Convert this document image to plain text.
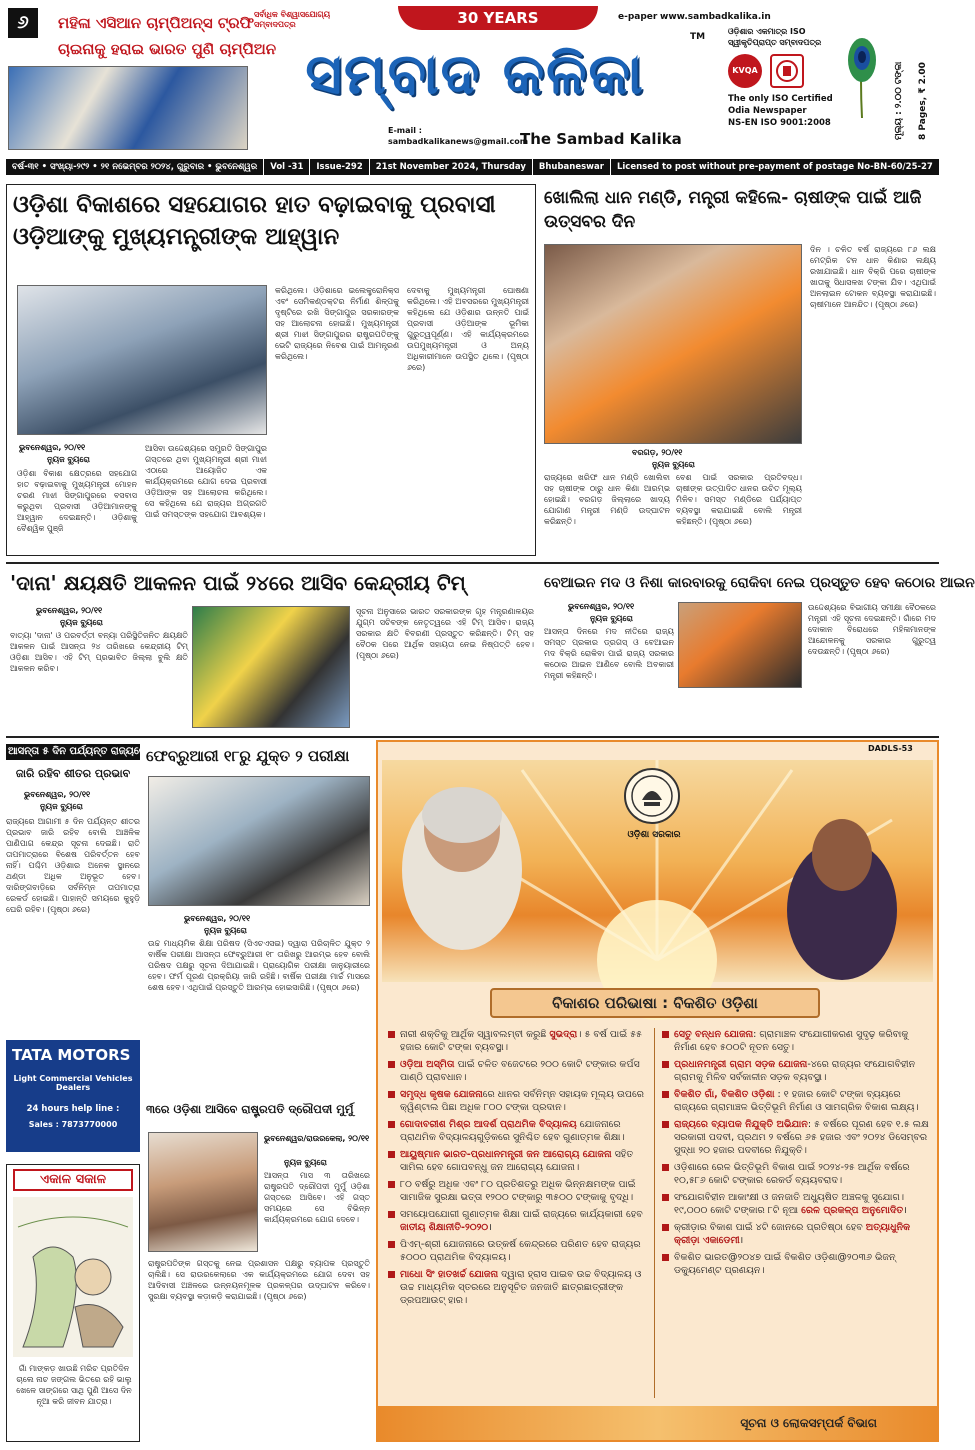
୬	ମହିଳା ଏସିଆନ ଚାମ୍ପିଅନ୍ସ ଟ୍ରଫି
ଚାଇନାକୁ ହରାଇ ଭାରତ ପୁଣି ଚାମ୍ପିଅନ
ସର୍ବାଧିକ ବିଶ୍ୱାସଯୋଗ୍ୟ ସମ୍ବାଦପତ୍ର	30 YEARS
ସମ୍ବାଦ କଳିକା
E-mail :
sambadkalikanews@gmail.com
The Sambad Kalika
TM
e-paper www.sambadkalika.in
ଓଡ଼ିଶାର ଏକମାତ୍ର ISO ସ୍ୱୀକୃତିପ୍ରାପ୍ତ ସମ୍ବାଦପତ୍ର
KVQA
The only ISO Certified
Odia Newspaper
NS-EN ISO 9001:2008	ମୂଲ୍ୟ : ୨.୦୦ ଟଙ୍କା 8 Pages, ₹ 2.00
ବର୍ଷ-୩୧ • ସଂଖ୍ୟା-୨୯୨ • ୨୧ ନଭେମ୍ବର ୨୦୨୪, ଗୁରୁବାର • ଭୁବନେଶ୍ୱର	Vol -31	Issue-292	21st November 2024, Thursday	Bhubaneswar	Licensed to post without pre-payment of postage No-BN-60/25-27
ଓଡ଼ିଶା ବିକାଶରେ ସହଯୋଗର ହାତ ବଢ଼ାଇବାକୁ ପ୍ରବାସୀ ଓଡ଼ିଆଙ୍କୁ ମୁଖ୍ୟମନ୍ତ୍ରୀଙ୍କ ଆହ୍ୱାନ
ଭୁବନେଶ୍ୱର, ୨୦/୧୧
ନ୍ୟୁଜ ବ୍ୟୁରୋ
ଓଡ଼ିଶା ବିକାଶ କ୍ଷେତ୍ରରେ ସହଯୋଗ ହାତ ବଢ଼ାଇବାକୁ ମୁଖ୍ୟମନ୍ତ୍ରୀ ମୋହନ ଚରଣ ମାଝୀ ସିଙ୍ଗାପୁରରେ ବସବାସ କରୁଥିବା ପ୍ରବାସୀ ଓଡ଼ିଆମାନଙ୍କୁ ଆହ୍ୱାନ ଦେଇଛନ୍ତି। ଓଡ଼ିଶାକୁ ବୈଶ୍ୱିକ ପୁଞ୍ଜି
ଆସିବା ଉଦ୍ଦେଶ୍ୟରେ ସମ୍ପ୍ରତି ସିଙ୍ଗାପୁର ଗସ୍ତରେ ଥିବା ମୁଖ୍ୟମନ୍ତ୍ରୀ ଶ୍ରୀ ମାଝୀ ଏଠାରେ ଆୟୋଜିତ ଏକ କାର୍ଯ୍ୟକ୍ରମରେ ଯୋଗ ଦେଇ ପ୍ରବାସୀ ଓଡ଼ିଆଙ୍କ ସହ ଆଲୋଚନା କରିଥିଲେ। ସେ କହିଥିଲେ ଯେ ରାଜ୍ୟର ଅଗ୍ରଗତି ପାଇଁ ସମସ୍ତଙ୍କ ସହଯୋଗ ଆବଶ୍ୟକ।
କରିଥିଲେ। ଓଡ଼ିଶାରେ ଇଲେକ୍ଟ୍ରୋନିକ୍ସ ଏବଂ ସେମିକଣ୍ଡକ୍ଟର ନିର୍ମାଣ ଶିଳ୍ପକୁ ଦୃଷ୍ଟିରେ ରଖି ସିଙ୍ଗାପୁର ସରକାରଙ୍କ ସହ ଆଲୋଚନା ହୋଇଛି। ମୁଖ୍ୟମନ୍ତ୍ରୀ ଶ୍ରୀ ମାଝୀ ସିଙ୍ଗାପୁରର ରାଷ୍ଟ୍ରପତିଙ୍କୁ ଭେଟି ରାଜ୍ୟରେ ନିବେଶ ପାଇଁ ଆମନ୍ତ୍ରଣ କରିଥିଲେ।
ଦେବାକୁ ମୁଖ୍ୟମନ୍ତ୍ରୀ ଘୋଷଣା କରିଥିଲେ। ଏହି ଅବସରରେ ମୁଖ୍ୟମନ୍ତ୍ରୀ କହିଥିଲେ ଯେ ଓଡ଼ିଶାର ଉନ୍ନତି ପାଇଁ ପ୍ରବାସୀ ଓଡ଼ିଆଙ୍କ ଭୂମିକା ଗୁରୁତ୍ୱପୂର୍ଣ୍ଣ। ଏହି କାର୍ଯ୍ୟକ୍ରମରେ ଉପମୁଖ୍ୟମନ୍ତ୍ରୀ ଓ ଅନ୍ୟ ଅଧିକାରୀମାନେ ଉପସ୍ଥିତ ଥିଲେ। (ପୃଷ୍ଠା ୬ରେ)
ଖୋଲିଲା ଧାନ ମଣ୍ଡି, ମନ୍ତ୍ରୀ କହିଲେ- ଚାଷୀଙ୍କ ପାଇଁ ଆଜି ଉତ୍ସବର ଦିନ
ବରଗଡ଼, ୨୦/୧୧
ନ୍ୟୁଜ ବ୍ୟୁରୋ
ରାଜ୍ୟରେ ଖରିଫ ଧାନ ମଣ୍ଡି ଖୋଲିବା ସହ ଚାଷୀଙ୍କ ଠାରୁ ଧାନ କିଣା ଆରମ୍ଭ ହୋଇଛି। ବରଗଡ଼ ଜିଲ୍ଲାରେ ଖାଦ୍ୟ ଯୋଗାଣ ମନ୍ତ୍ରୀ ମଣ୍ଡି ଉଦ୍‌ଘାଟନ କରିଛନ୍ତି।
ବେଶ ପାଇଁ ସରକାର ପ୍ରତିବଦ୍ଧ। ଚାଷୀଙ୍କ ଉତ୍ପାଦିତ ଧାନର ଉଚିତ ମୂଲ୍ୟ ମିଳିବ। ସମସ୍ତ ମଣ୍ଡିରେ ପର୍ଯ୍ୟାପ୍ତ ବ୍ୟବସ୍ଥା କରାଯାଇଛି ବୋଲି ମନ୍ତ୍ରୀ କହିଛନ୍ତି। (ପୃଷ୍ଠା ୬ରେ)
ଦିନ । ଚଳିତ ବର୍ଷ ରାଜ୍ୟରେ ୮୬ ଲକ୍ଷ ମେଟ୍ରିକ ଟନ ଧାନ କିଣାର ଲକ୍ଷ୍ୟ ରଖାଯାଇଛି। ଧାନ ବିକ୍ରି ପରେ ଚାଷୀଙ୍କ ଖାତାକୁ ସିଧାସଳଖ ଟଙ୍କା ଯିବ। ଏଥିପାଇଁ ଅନଲାଇନ ଟୋକନ ବ୍ୟବସ୍ଥା କରାଯାଇଛି। ଚାଷୀମାନେ ଆନନ୍ଦିତ। (ପୃଷ୍ଠା ୬ରେ)
'ଦାନା' କ୍ଷୟକ୍ଷତି ଆକଳନ ପାଇଁ ୨୪ରେ ଆସିବ କେନ୍ଦ୍ରୀୟ ଟିମ୍
ଭୁବନେଶ୍ୱର, ୨୦/୧୧
ନ୍ୟୁଜ ବ୍ୟୁରୋ
ବାତ୍ୟା 'ଦାନା' ଓ ପରବର୍ତ୍ତୀ ବନ୍ୟା ପରିସ୍ଥିତିଜନିତ କ୍ଷୟକ୍ଷତି ଆକଳନ ପାଇଁ ଆସନ୍ତା ୨୪ ତାରିଖରେ କେନ୍ଦ୍ରୀୟ ଟିମ୍ ଓଡ଼ିଶା ଆସିବ। ଏହି ଟିମ୍ ପ୍ରଭାବିତ ଜିଲ୍ଲା ବୁଲି କ୍ଷତି ଆକଳନ କରିବ।
ସୂଚନା ଅନୁସାରେ ଭାରତ ସରକାରଙ୍କ ଗୃହ ମନ୍ତ୍ରଣାଳୟର ଯୁଗ୍ମ ସଚିବଙ୍କ ନେତୃତ୍ୱରେ ଏହି ଟିମ୍ ଆସିବ। ରାଜ୍ୟ ସରକାର କ୍ଷତି ବିବରଣୀ ପ୍ରସ୍ତୁତ କରିଛନ୍ତି। ଟିମ୍ ସହ ବୈଠକ ପରେ ଆର୍ଥିକ ସହାୟତା ନେଇ ନିଷ୍ପତ୍ତି ହେବ। (ପୃଷ୍ଠା ୬ରେ)
ବେଆଇନ ମଦ ଓ ନିଶା କାରବାରକୁ ରୋକିବା ନେଇ ପ୍ରସ୍ତୁତ ହେବ କଠୋର ଆଇନ
ଭୁବନେଶ୍ୱର, ୨୦/୧୧
ନ୍ୟୁଜ ବ୍ୟୁରୋ
ଆସନ୍ତା ଦିନରେ ମଦ ନୀତିରେ ରାଜ୍ୟ ସମସ୍ତ ପ୍ରକାର ଡ୍ରଗସ୍ ଓ ବେଆଇନ ମଦ ବିକ୍ରି ରୋକିବା ପାଇଁ ରାଜ୍ୟ ସରକାର କଠୋର ଆଇନ ଆଣିବେ ବୋଲି ଅବକାରୀ ମନ୍ତ୍ରୀ କହିଛନ୍ତି।
ଉଦ୍ଦେଶ୍ୟରେ ବିଭାଗୀୟ ସମୀକ୍ଷା ବୈଠକରେ ମନ୍ତ୍ରୀ ଏହି ସୂଚନା ଦେଇଛନ୍ତି। ଗାଁରେ ମଦ ଦୋକାନ ବିରୋଧରେ ମହିଳାମାନଙ୍କ ଆନ୍ଦୋଳନକୁ ସରକାର ଗୁରୁତ୍ୱ ଦେଉଛନ୍ତି। (ପୃଷ୍ଠା ୬ରେ)
ଆସନ୍ତା ୫ ଦିନ ପର୍ଯ୍ୟନ୍ତ ରାଜ୍ୟରେ
ଜାରି ରହିବ ଶୀତର ପ୍ରଭାବ
ଭୁବନେଶ୍ୱର, ୨୦/୧୧
ନ୍ୟୁଜ ବ୍ୟୁରୋ
ରାଜ୍ୟରେ ଆଗାମୀ ୫ ଦିନ ପର୍ଯ୍ୟନ୍ତ ଶୀତର ପ୍ରଭାବ ଜାରି ରହିବ ବୋଲି ଆଞ୍ଚଳିକ ପାଣିପାଗ କେନ୍ଦ୍ର ସୂଚନା ଦେଇଛି। ରାତି ତାପମାତ୍ରାରେ ବିଶେଷ ପରିବର୍ତ୍ତନ ହେବ ନାହିଁ। ପଶ୍ଚିମ ଓଡ଼ିଶାର ଅନେକ ସ୍ଥାନରେ ଥଣ୍ଡା ଅଧିକ ଅନୁଭୂତ ହେବ। ଦାରିଙ୍ଗବାଡ଼ିରେ ସର୍ବନିମ୍ନ ତାପମାତ୍ରା ରେକର୍ଡ ହୋଇଛି। ପାହାନ୍ତି ସମୟରେ କୁହୁଡ଼ି ଘେରି ରହିବ। (ପୃଷ୍ଠା ୬ରେ)
TATA MOTORS
Light Commercial Vehicles
Dealers
24 hours help line :
Sales : 7873770000
ଏକାଳ ସକାଳ
ଗାଁ ମାଙ୍କଡ଼ ଖାଉଛି ମରିଚ ପ୍ରତିଦିନ ଚାଲେ ନାଚ ଜଙ୍ଗଲ ଭିତରେ ରହି ଭାଲୁ ଖେଳେ ସାଙ୍ଗରେ ସାଥି ପୁଣି ଆସେ ଦିନ ନୂଆ କରି ଜୀବନ ଯାତ୍ରା।
ଫେବ୍ରୁଆରୀ ୧୮ରୁ ଯୁକ୍ତ ୨ ପରୀକ୍ଷା
ଭୁବନେଶ୍ୱର, ୨୦/୧୧
ନ୍ୟୁଜ ବ୍ୟୁରୋ
ଉଚ୍ଚ ମାଧ୍ୟମିକ ଶିକ୍ଷା ପରିଷଦ (ସିଏଚଏସଇ) ଦ୍ୱାରା ପରିଚାଳିତ ଯୁକ୍ତ ୨ ବାର୍ଷିକ ପରୀକ୍ଷା ଆସନ୍ତା ଫେବ୍ରୁଆରୀ ୧୮ ତାରିଖରୁ ଆରମ୍ଭ ହେବ ବୋଲି ପରିଷଦ ପକ୍ଷରୁ ସୂଚନା ଦିଆଯାଇଛି। ପ୍ରାୟୋଗିକ ପରୀକ୍ଷା ଜାନୁୟାରୀରେ ହେବ। ଫର୍ମ ପୂରଣ ପ୍ରକ୍ରିୟା ଜାରି ରହିଛି। ବାର୍ଷିକ ପରୀକ୍ଷା ମାର୍ଚ୍ଚ ମାସରେ ଶେଷ ହେବ। ଏଥିପାଇଁ ପ୍ରସ୍ତୁତି ଆରମ୍ଭ ହୋଇସାରିଛି। (ପୃଷ୍ଠା ୬ରେ)
୩ରେ ଓଡ଼ିଶା ଆସିବେ ରାଷ୍ଟ୍ରପତି ଦ୍ରୌପଦୀ ମୁର୍ମୁ
ଭୁବନେଶ୍ୱର/ରାଉରକେଲା, ୨୦/୧୧
ନ୍ୟୁଜ ବ୍ୟୁରୋ
ଆସନ୍ତା ମାସ ୩ ତାରିଖରେ ରାଷ୍ଟ୍ରପତି ଦ୍ରୌପଦୀ ମୁର୍ମୁ ଓଡ଼ିଶା ଗସ୍ତରେ ଆସିବେ। ଏହି ଗସ୍ତ ସମୟରେ ସେ ବିଭିନ୍ନ କାର୍ଯ୍ୟକ୍ରମରେ ଯୋଗ ଦେବେ।
ରାଷ୍ଟ୍ରପତିଙ୍କ ଗସ୍ତକୁ ନେଇ ପ୍ରଶାସନ ପକ୍ଷରୁ ବ୍ୟାପକ ପ୍ରସ୍ତୁତି ଚାଲିଛି। ସେ ରାଉରକେଲାରେ ଏକ କାର୍ଯ୍ୟକ୍ରମରେ ଯୋଗ ଦେବା ସହ ଆଦିବାସୀ ଅଞ୍ଚଳରେ ଉନ୍ନୟନମୂଳକ ପ୍ରକଳ୍ପର ଉଦ୍‌ଘାଟନ କରିବେ। ସୁରକ୍ଷା ବ୍ୟବସ୍ଥା କଡ଼ାକଡ଼ି କରାଯାଇଛି। (ପୃଷ୍ଠା ୬ରେ)
DADLS-53
ଓଡ଼ିଶା ସରକାର
ବିକାଶର ପରିଭାଷା : ବିକଶିତ ଓଡ଼ିଶା
ନାରୀ ଶକ୍ତିକୁ ଆର୍ଥିକ ସ୍ୱାବଲମ୍ବୀ କରୁଛି ସୁଭଦ୍ରା। ୫ ବର୍ଷ ପାଇଁ ୫୫ ହଜାର କୋଟି ଟଙ୍କା ବ୍ୟବସ୍ଥା।
ଓଡ଼ିଆ ଅସ୍ମିତା ପାଇଁ ଚଳିତ ବଜେଟରେ ୨୦୦ କୋଟି ଟଙ୍କାର କର୍ପସ ପାଣ୍ଠି ପ୍ରାବଧାନ।
ସମୃଦ୍ଧ କୃଷକ ଯୋଜନାରେ ଧାନର ସର୍ବନିମ୍ନ ସହାୟକ ମୂଲ୍ୟ ଉପରେ କ୍ୱିଣ୍ଟାଲ ପିଛା ଅଧିକ ୮୦୦ ଟଙ୍କା ପ୍ରଦାନ।
ଗୋଦାବରୀଶ ମିଶ୍ର ଆଦର୍ଶ ପ୍ରାଥମିକ ବିଦ୍ୟାଳୟ ଯୋଜନାରେ ପ୍ରାଥମିକ ବିଦ୍ୟାଳୟଗୁଡ଼ିକରେ ସୁନିଶ୍ଚିତ ହେବ ଗୁଣାତ୍ମକ ଶିକ୍ଷା।
ଆୟୁଷ୍ମାନ ଭାରତ-ପ୍ରଧାନମନ୍ତ୍ରୀ ଜନ ଆରୋଗ୍ୟ ଯୋଜନା ସହିତ ସାମିଲ ହେବ ଗୋପବନ୍ଧୁ ଜନ ଆରୋଗ୍ୟ ଯୋଜନା।
୮୦ ବର୍ଷରୁ ଅଧିକ ଏବଂ ୮୦ ପ୍ରତିଶତରୁ ଅଧିକ ଭିନ୍ନକ୍ଷମଙ୍କ ପାଇଁ ସାମାଜିକ ସୁରକ୍ଷା ଭତ୍ତା ୧୨୦୦ ଟଙ୍କାରୁ ୩୫୦୦ ଟଙ୍କାକୁ ବୃଦ୍ଧି।
ସମୟୋପଯୋଗୀ ଗୁଣାତ୍ମକ ଶିକ୍ଷା ପାଇଁ ରାଜ୍ୟରେ କାର୍ଯ୍ୟକାରୀ ହେବ ଜାତୀୟ ଶିକ୍ଷାନୀତି-୨୦୨୦।
ପିଏମ୍-ଶ୍ରୀ ଯୋଜନାରେ ଉତ୍କର୍ଷ କେନ୍ଦ୍ରରେ ପରିଣତ ହେବ ରାଜ୍ୟର ୫୦୦୦ ପ୍ରାଥମିକ ବିଦ୍ୟାଳୟ।
ମାଧୋ ସିଂ ହାତଖର୍ଚ୍ଚ ଯୋଜନା ଦ୍ୱାରା ହ୍ରାସ ପାଇବ ଉଚ୍ଚ ବିଦ୍ୟାଳୟ ଓ ଉଚ୍ଚ ମାଧ୍ୟମିକ ସ୍ତରରେ ଅନୁସୂଚିତ ଜନଜାତି ଛାତ୍ରଛାତ୍ରୀଙ୍କ ଡ୍ରପଆଉଟ୍ ହାର।
ସେତୁ ବନ୍ଧନ ଯୋଜନା: ଗ୍ରାମାଞ୍ଚଳ ସଂଯୋଗୀକରଣ ସୁଦୃଢ଼ କରିବାକୁ ନିର୍ମାଣ ହେବ ୫୦୦ଟି ନୂତନ ସେତୁ।
ପ୍ରଧାନମନ୍ତ୍ରୀ ଗ୍ରାମ ସଡ଼କ ଯୋଜନା-୪ରେ ରାଜ୍ୟର ସଂଯୋଗବିହୀନ ଗ୍ରାମକୁ ମିଳିବ ସର୍ବକାଳୀନ ସଡ଼କ ବ୍ୟବସ୍ଥା।
ବିକଶିତ ଗାଁ, ବିକଶିତ ଓଡ଼ିଶା : ୧ ହଜାର କୋଟି ଟଙ୍କା ବ୍ୟୟରେ ରାଜ୍ୟରେ ଗ୍ରାମାଞ୍ଚଳ ଭିତ୍ତିଭୂମି ନିର୍ମାଣ ଓ ସାମଗ୍ରିକ ବିକାଶ ଲକ୍ଷ୍ୟ।
ରାଜ୍ୟରେ ବ୍ୟାପକ ନିଯୁକ୍ତି ଅଭିଯାନ: ୫ ବର୍ଷରେ ପୂରଣ ହେବ ୧.୫ ଲକ୍ଷ ସରକାରୀ ପଦବୀ, ପ୍ରଥମ ୨ ବର୍ଷରେ ୬୫ ହଜାର ଏବଂ ୨୦୨୪ ଡିସେମ୍ବର ସୁଦ୍ଧା ୨୦ ହଜାର ପଦବୀରେ ନିଯୁକ୍ତି।
ଓଡ଼ିଶାରେ ରେଳ ଭିତ୍ତିଭୂମି ବିକାଶ ପାଇଁ ୨୦୨୪-୨୫ ଆର୍ଥିକ ବର୍ଷରେ ୧୦,୫୮୬ କୋଟି ଟଙ୍କାର ରେକର୍ଡ ବ୍ୟୟବରାଦ।
ସଂଯୋଗବିହୀନ ଆକାଂକ୍ଷୀ ଓ ଜନଜାତି ଅଧ୍ୟୁଷିତ ଅଞ୍ଚଳକୁ ସୁଯୋଗ। ୧୯,୦୦୦ କୋଟି ଟଙ୍କାର ୮ଟି ନୂଆ ରେଳ ପ୍ରକଳ୍ପ ଅନୁମୋଦିତ।
କ୍ରୀଡ଼ାର ବିକାଶ ପାଇଁ ୪ଟି ଜୋନରେ ପ୍ରତିଷ୍ଠା ହେବ ଅତ୍ୟାଧୁନିକ କ୍ରୀଡ଼ା ଏକାଡେମୀ।
ବିକଶିତ ଭାରତ@୨୦୪୭ ପାଇଁ ବିକଶିତ ଓଡ଼ିଶା@୨୦୩୬ ଭିଜନ୍ ଡକ୍ୟୁମେଣ୍ଟ ପ୍ରଣୟନ।
ସୂଚନା ଓ ଲୋକସମ୍ପର୍କ ବିଭାଗ
